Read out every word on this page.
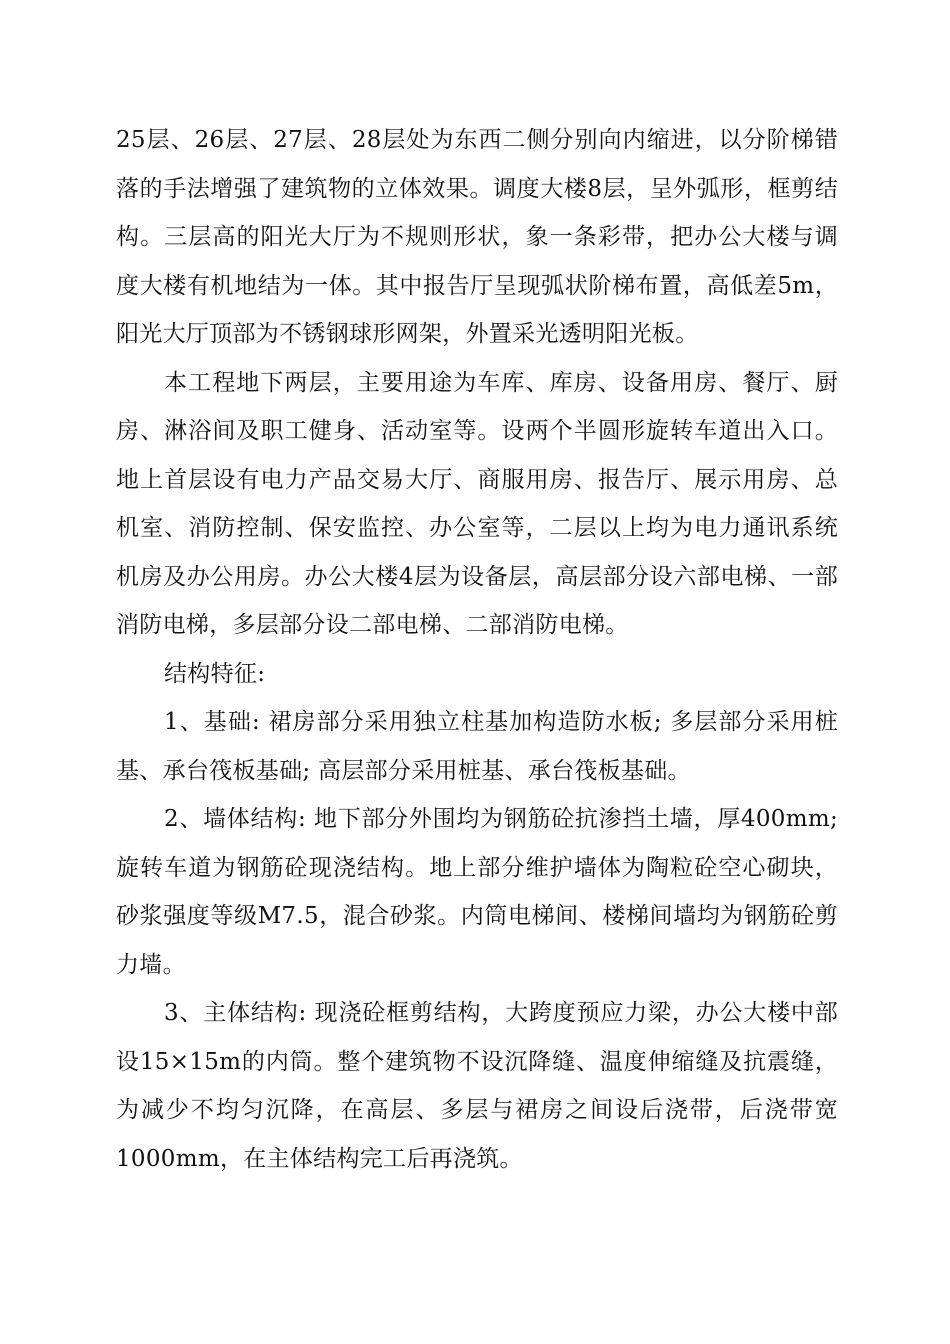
25层、26层、27层、28层处为东西二侧分别向内缩进，以分阶梯错落的手法增强了建筑物的立体效果。调度大楼8层，呈外弧形，框剪结构。三层高的阳光大厅为不规则形状，象一条彩带，把办公大楼与调度大楼有机地结为一体。其中报告厅呈现弧状阶梯布置，高低差5m，阳光大厅顶部为不锈钢球形网架，外置采光透明阳光板。

本工程地下两层，主要用途为车库、库房、设备用房、餐厅、厨房、淋浴间及职工健身、活动室等。设两个半圆形旋转车道出入口。地上首层设有电力产品交易大厅、商服用房、报告厅、展示用房、总机室、消防控制、保安监控、办公室等，二层以上均为电力通讯系统机房及办公用房。办公大楼4层为设备层，高层部分设六部电梯、一部消防电梯，多层部分设二部电梯、二部消防电梯。

结构特征:

1、基础: 裙房部分采用独立柱基加构造防水板; 多层部分采用桩基、承台筏板基础; 高层部分采用桩基、承台筏板基础。

2、墙体结构: 地下部分外围均为钢筋砼抗渗挡土墙，厚400mm; 旋转车道为钢筋砼现浇结构。地上部分维护墙体为陶粒砼空心砌块，砂浆强度等级M7.5，混合砂浆。内筒电梯间、楼梯间墙均为钢筋砼剪力墙。

3、主体结构: 现浇砼框剪结构，大跨度预应力梁，办公大楼中部设15×15m的内筒。整个建筑物不设沉降缝、温度伸缩缝及抗震缝，为减少不均匀沉降，在高层、多层与裙房之间设后浇带，后浇带宽1000mm，在主体结构完工后再浇筑。
